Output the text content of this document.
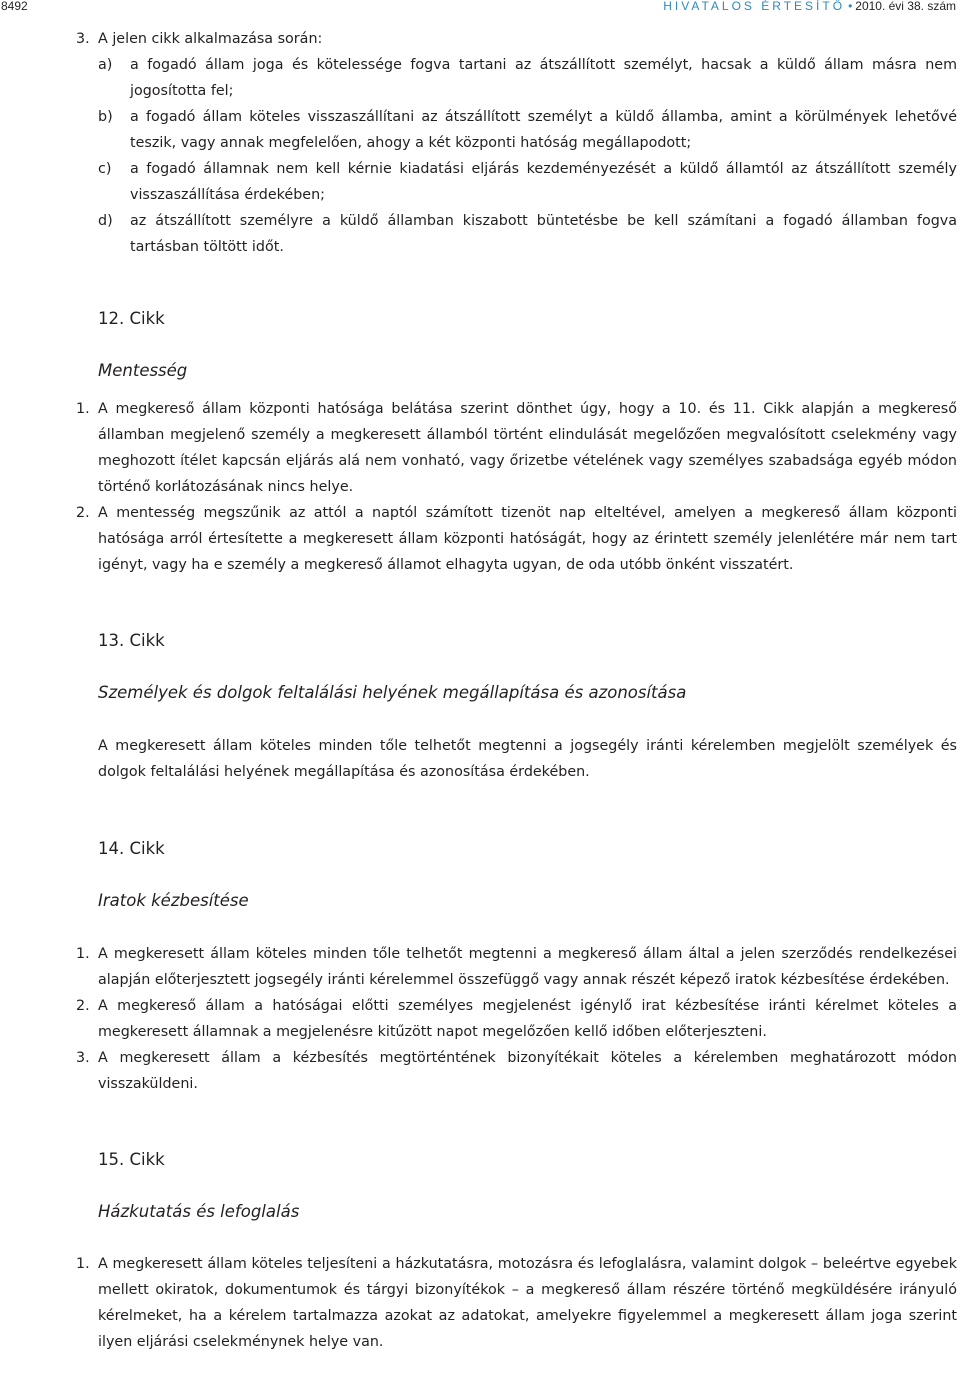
8492	HIVATALOS ÉRTESÍTŐ • 2010. évi 38. szám

3. A jelen cikk alkalmazása során:

a) a fogadó állam joga és kötelessége fogva tartani az átszállított személyt, hacsak a küldő állam másra nem jogosította fel;

b) a fogadó állam köteles visszaszállítani az átszállított személyt a küldő államba, amint a körülmények lehetővé teszik, vagy annak megfelelően, ahogy a két központi hatóság megállapodott;

c) a fogadó államnak nem kell kérnie kiadatási eljárás kezdeményezését a küldő államtól az átszállított személy visszaszállítása érdekében;

d) az átszállított személyre a küldő államban kiszabott büntetésbe be kell számítani a fogadó államban fogva tartásban töltött időt.

12. Cikk

Mentesség

1. A megkereső állam központi hatósága belátása szerint dönthet úgy, hogy a 10. és 11. Cikk alapján a megkereső államban megjelenő személy a megkeresett államból történt elindulását megelőzően megvalósított cselekmény vagy meghozott ítélet kapcsán eljárás alá nem vonható, vagy őrizetbe vételének vagy személyes szabadsága egyéb módon történő korlátozásának nincs helye.

2. A mentesség megszűnik az attól a naptól számított tizenöt nap elteltével, amelyen a megkereső állam központi hatósága arról értesítette a megkeresett állam központi hatóságát, hogy az érintett személy jelenlétére már nem tart igényt, vagy ha e személy a megkereső államot elhagyta ugyan, de oda utóbb önként visszatért.

13. Cikk

Személyek és dolgok feltalálási helyének megállapítása és azonosítása

A megkeresett állam köteles minden tőle telhetőt megtenni a jogsegély iránti kérelemben megjelölt személyek és dolgok feltalálási helyének megállapítása és azonosítása érdekében.

14. Cikk

Iratok kézbesítése

1. A megkeresett állam köteles minden tőle telhetőt megtenni a megkereső állam által a jelen szerződés rendelkezései alapján előterjesztett jogsegély iránti kérelemmel összefüggő vagy annak részét képező iratok kézbesítése érdekében.

2. A megkereső állam a hatóságai előtti személyes megjelenést igénylő irat kézbesítése iránti kérelmet köteles a megkeresett államnak a megjelenésre kitűzött napot megelőzően kellő időben előterjeszteni.

3. A megkeresett állam a kézbesítés megtörténtének bizonyítékait köteles a kérelemben meghatározott módon visszaküldeni.

15. Cikk

Házkutatás és lefoglalás

1. A megkeresett állam köteles teljesíteni a házkutatásra, motozásra és lefoglalásra, valamint dolgok – beleértve egyebek mellett okiratok, dokumentumok és tárgyi bizonyítékok – a megkereső állam részére történő megküldésére irányuló kérelmeket, ha a kérelem tartalmazza azokat az adatokat, amelyekre figyelemmel a megkeresett állam joga szerint ilyen eljárási cselekménynek helye van.
